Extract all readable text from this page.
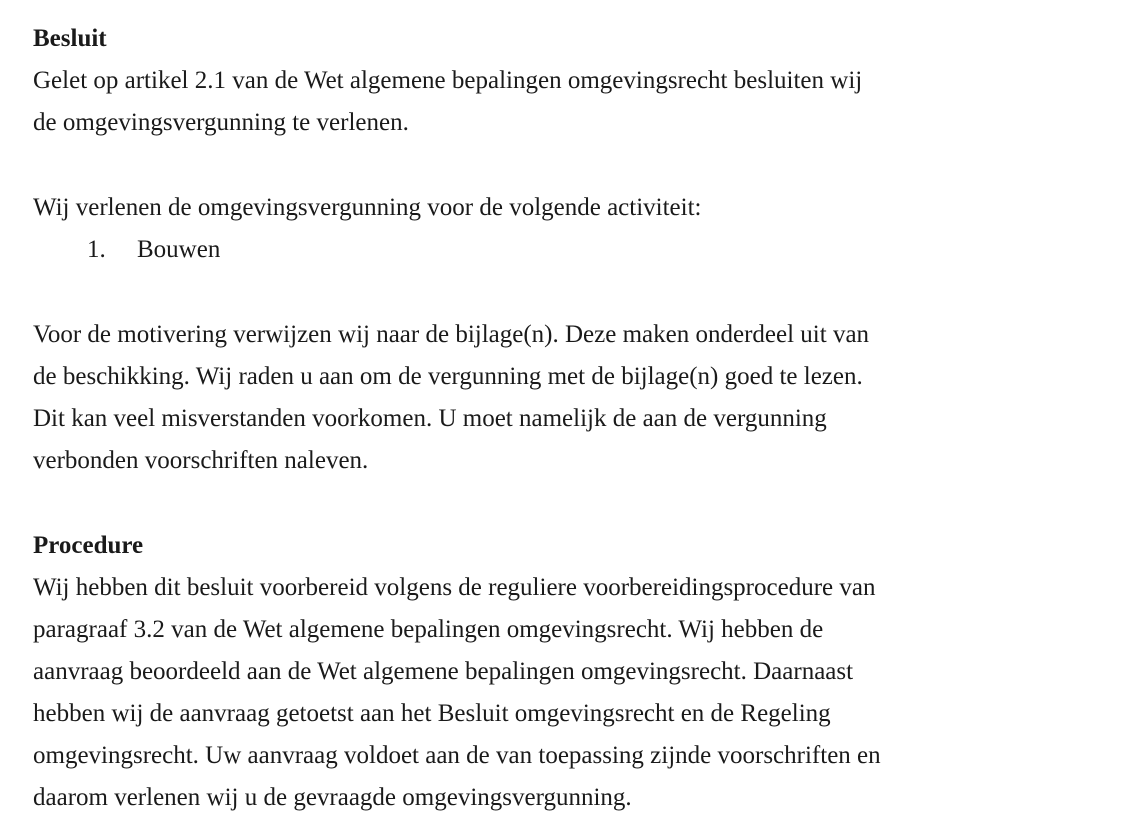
Besluit
Gelet op artikel 2.1 van de Wet algemene bepalingen omgevingsrecht besluiten wij
de omgevingsvergunning te verlenen.
Wij verlenen de omgevingsvergunning voor de volgende activiteit:
1.	Bouwen
Voor de motivering verwijzen wij naar de bijlage(n). Deze maken onderdeel uit van
de beschikking. Wij raden u aan om de vergunning met de bijlage(n) goed te lezen.
Dit kan veel misverstanden voorkomen. U moet namelijk de aan de vergunning
verbonden voorschriften naleven.
Procedure
Wij hebben dit besluit voorbereid volgens de reguliere voorbereidingsprocedure van
paragraaf 3.2 van de Wet algemene bepalingen omgevingsrecht. Wij hebben de
aanvraag beoordeeld aan de Wet algemene bepalingen omgevingsrecht. Daarnaast
hebben wij de aanvraag getoetst aan het Besluit omgevingsrecht en de Regeling
omgevingsrecht. Uw aanvraag voldoet aan de van toepassing zijnde voorschriften en
daarom verlenen wij u de gevraagde omgevingsvergunning.
